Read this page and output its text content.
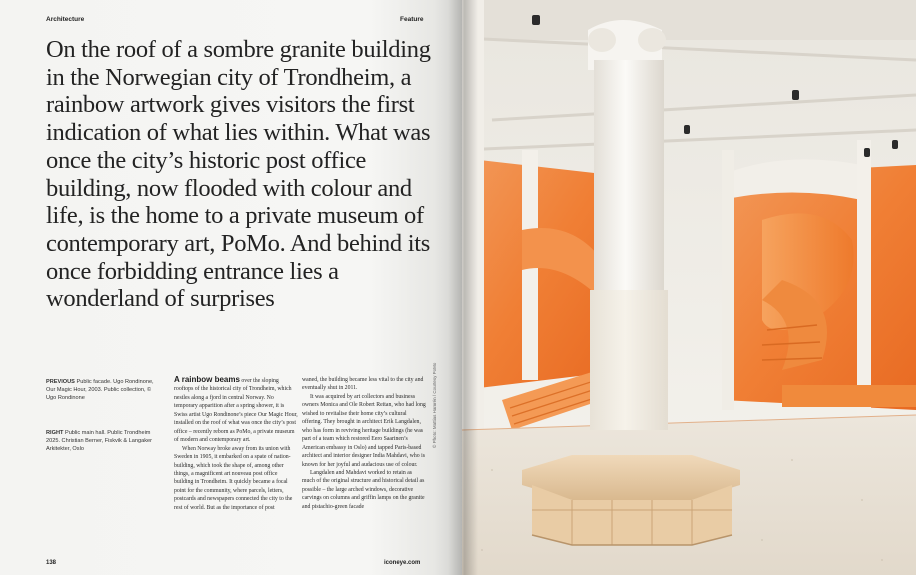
Architecture	Feature
On the roof of a sombre granite building in the Norwegian city of Trondheim, a rainbow artwork gives visitors the first indication of what lies within. What was once the city’s historic post office building, now flooded with colour and life, is the home to a private museum of contemporary art, PoMo. And behind its once forbidding entrance lies a wonderland of surprises
PREVIOUS Public facade. Ugo Rondinone, Our Magic Hour, 2003. Public collection, © Ugo Rondinone
RIGHT Public main hall. Public Trondheim 2025. Christian Berner, Fiskvik & Langaker Arkitekter, Oslo

A rainbow beams over the sloping rooftops of the historical city of Trondheim, which nestles along a fjord in central Norway. No temporary apparition after a spring shower, it is Swiss artist Ugo Rondinone’s piece Our Magic Hour, installed on the roof of what was once the city’s post office – recently reborn as PoMo, a private museum of modern and contemporary art.

When Norway broke away from its union with Sweden in 1905, it embarked on a spate of nation-building, which took the shape of, among other things, a magnificent art nouveau post office building in Trondheim. It quickly became a focal point for the community, where parcels, letters, postcards and newspapers connected the city to the rest of world. But as the importance of post

waned, the building became less vital to the city and eventually shut in 2011.

It was acquired by art collectors and business owners Monica and Ole Robert Reitan, who had long wished to revitalise their home city’s cultural offering. They brought in architect Erik Langdalen, who has form in reviving heritage buildings (he was part of a team which restored Eero Saarinen’s American embassy in Oslo) and tapped Paris-based architect and interior designer India Mahdavi, who is known for her joyful and audacious use of colour.

Langdalen and Mahdavi worked to retain as much of the original structure and historical detail as possible – the large arched windows, decorative carvings on columns and griffin lamps on the granite and pistachio-green facade

© Photo: Mattias Hamrén / Courtesy PoMo
138	iconeye.com
